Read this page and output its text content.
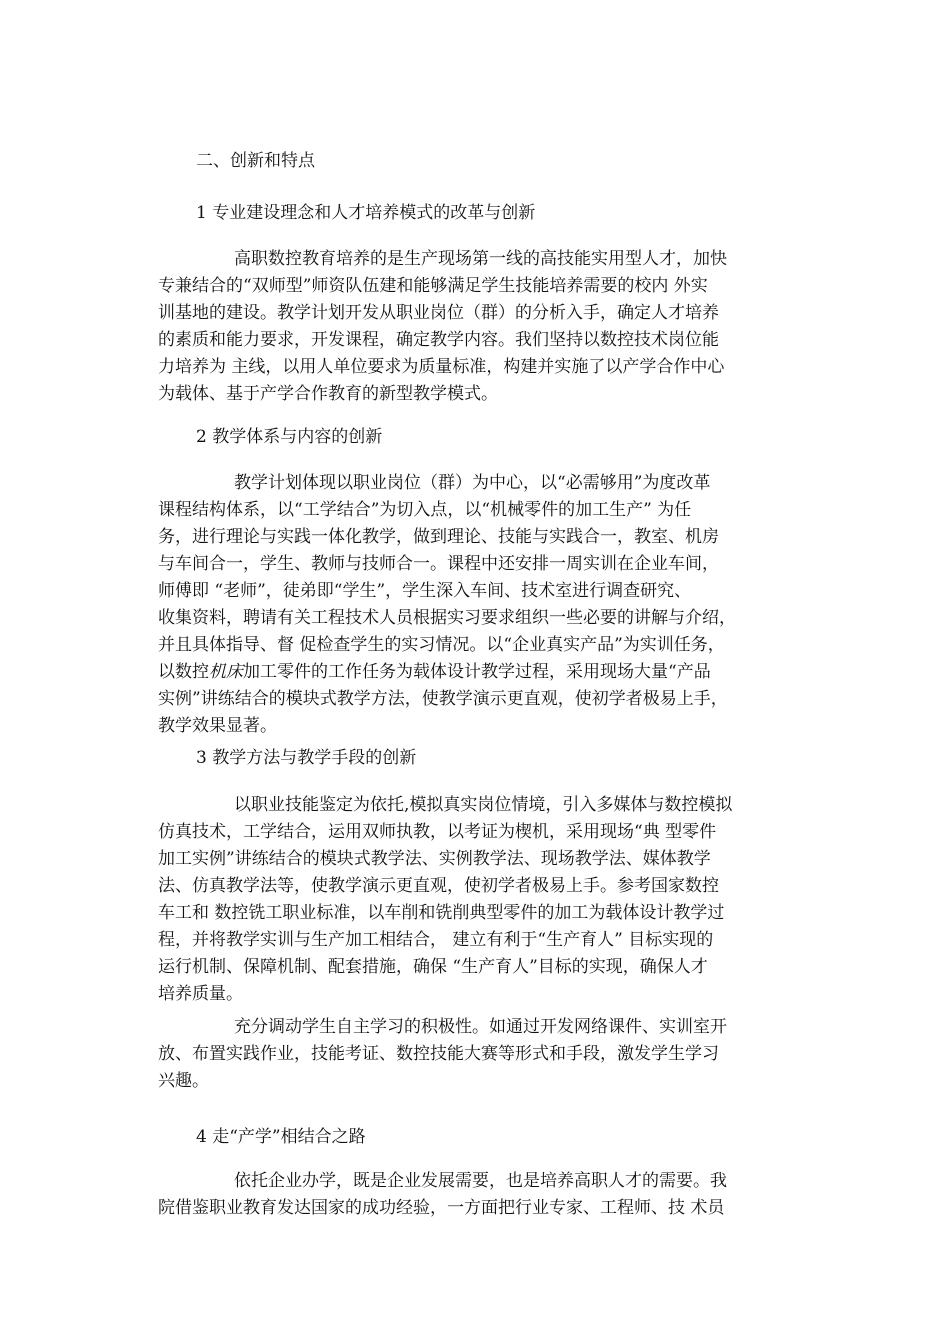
二、创新和特点
1 专业建设理念和人才培养模式的改革与创新
高职数控教育培养的是生产现场第一线的高技能实用型人才，加快
专兼结合的“双师型”师资队伍建和能够满足学生技能培养需要的校内 外实
训基地的建设。教学计划开发从职业岗位（群）的分析入手，确定人才培养
的素质和能力要求，开发课程，确定教学内容。我们坚持以数控技术岗位能
力培养为 主线，以用人单位要求为质量标准，构建并实施了以产学合作中心
为载体、基于产学合作教育的新型教学模式。
2 教学体系与内容的创新
教学计划体现以职业岗位（群）为中心，以“必需够用”为度改革
课程结构体系，以“工学结合”为切入点，以“机械零件的加工生产” 为任
务，进行理论与实践一体化教学，做到理论、技能与实践合一，教室、机房
与车间合一，学生、教师与技师合一。课程中还安排一周实训在企业车间，
师傅即 “老师”，徒弟即“学生”，学生深入车间、技术室进行调查研究、
收集资料，聘请有关工程技术人员根据实习要求组织一些必要的讲解与介绍，
并且具体指导、督 促检查学生的实习情况。以“企业真实产品”为实训任务，
以数控机床加工零件的工作任务为载体设计教学过程，采用现场大量“产品
实例”讲练结合的模块式教学方法，使教学演示更直观，使初学者极易上手，
教学效果显著。
3 教学方法与教学手段的创新
以职业技能鉴定为依托,模拟真实岗位情境，引入多媒体与数控模拟
仿真技术，工学结合，运用双师执教，以考证为楔机，采用现场“典 型零件
加工实例”讲练结合的模块式教学法、实例教学法、现场教学法、媒体教学
法、仿真教学法等，使教学演示更直观，使初学者极易上手。参考国家数控
车工和 数控铣工职业标准，以车削和铣削典型零件的加工为载体设计教学过
程，并将教学实训与生产加工相结合， 建立有利于“生产育人” 目标实现的
运行机制、保障机制、配套措施，确保 “生产育人”目标的实现，确保人才
培养质量。
充分调动学生自主学习的积极性。如通过开发网络课件、实训室开
放、布置实践作业，技能考证、数控技能大赛等形式和手段，激发学生学习
兴趣。
4 走“产学”相结合之路
依托企业办学，既是企业发展需要，也是培养高职人才的需要。我
院借鉴职业教育发达国家的成功经验，一方面把行业专家、工程师、技 术员
